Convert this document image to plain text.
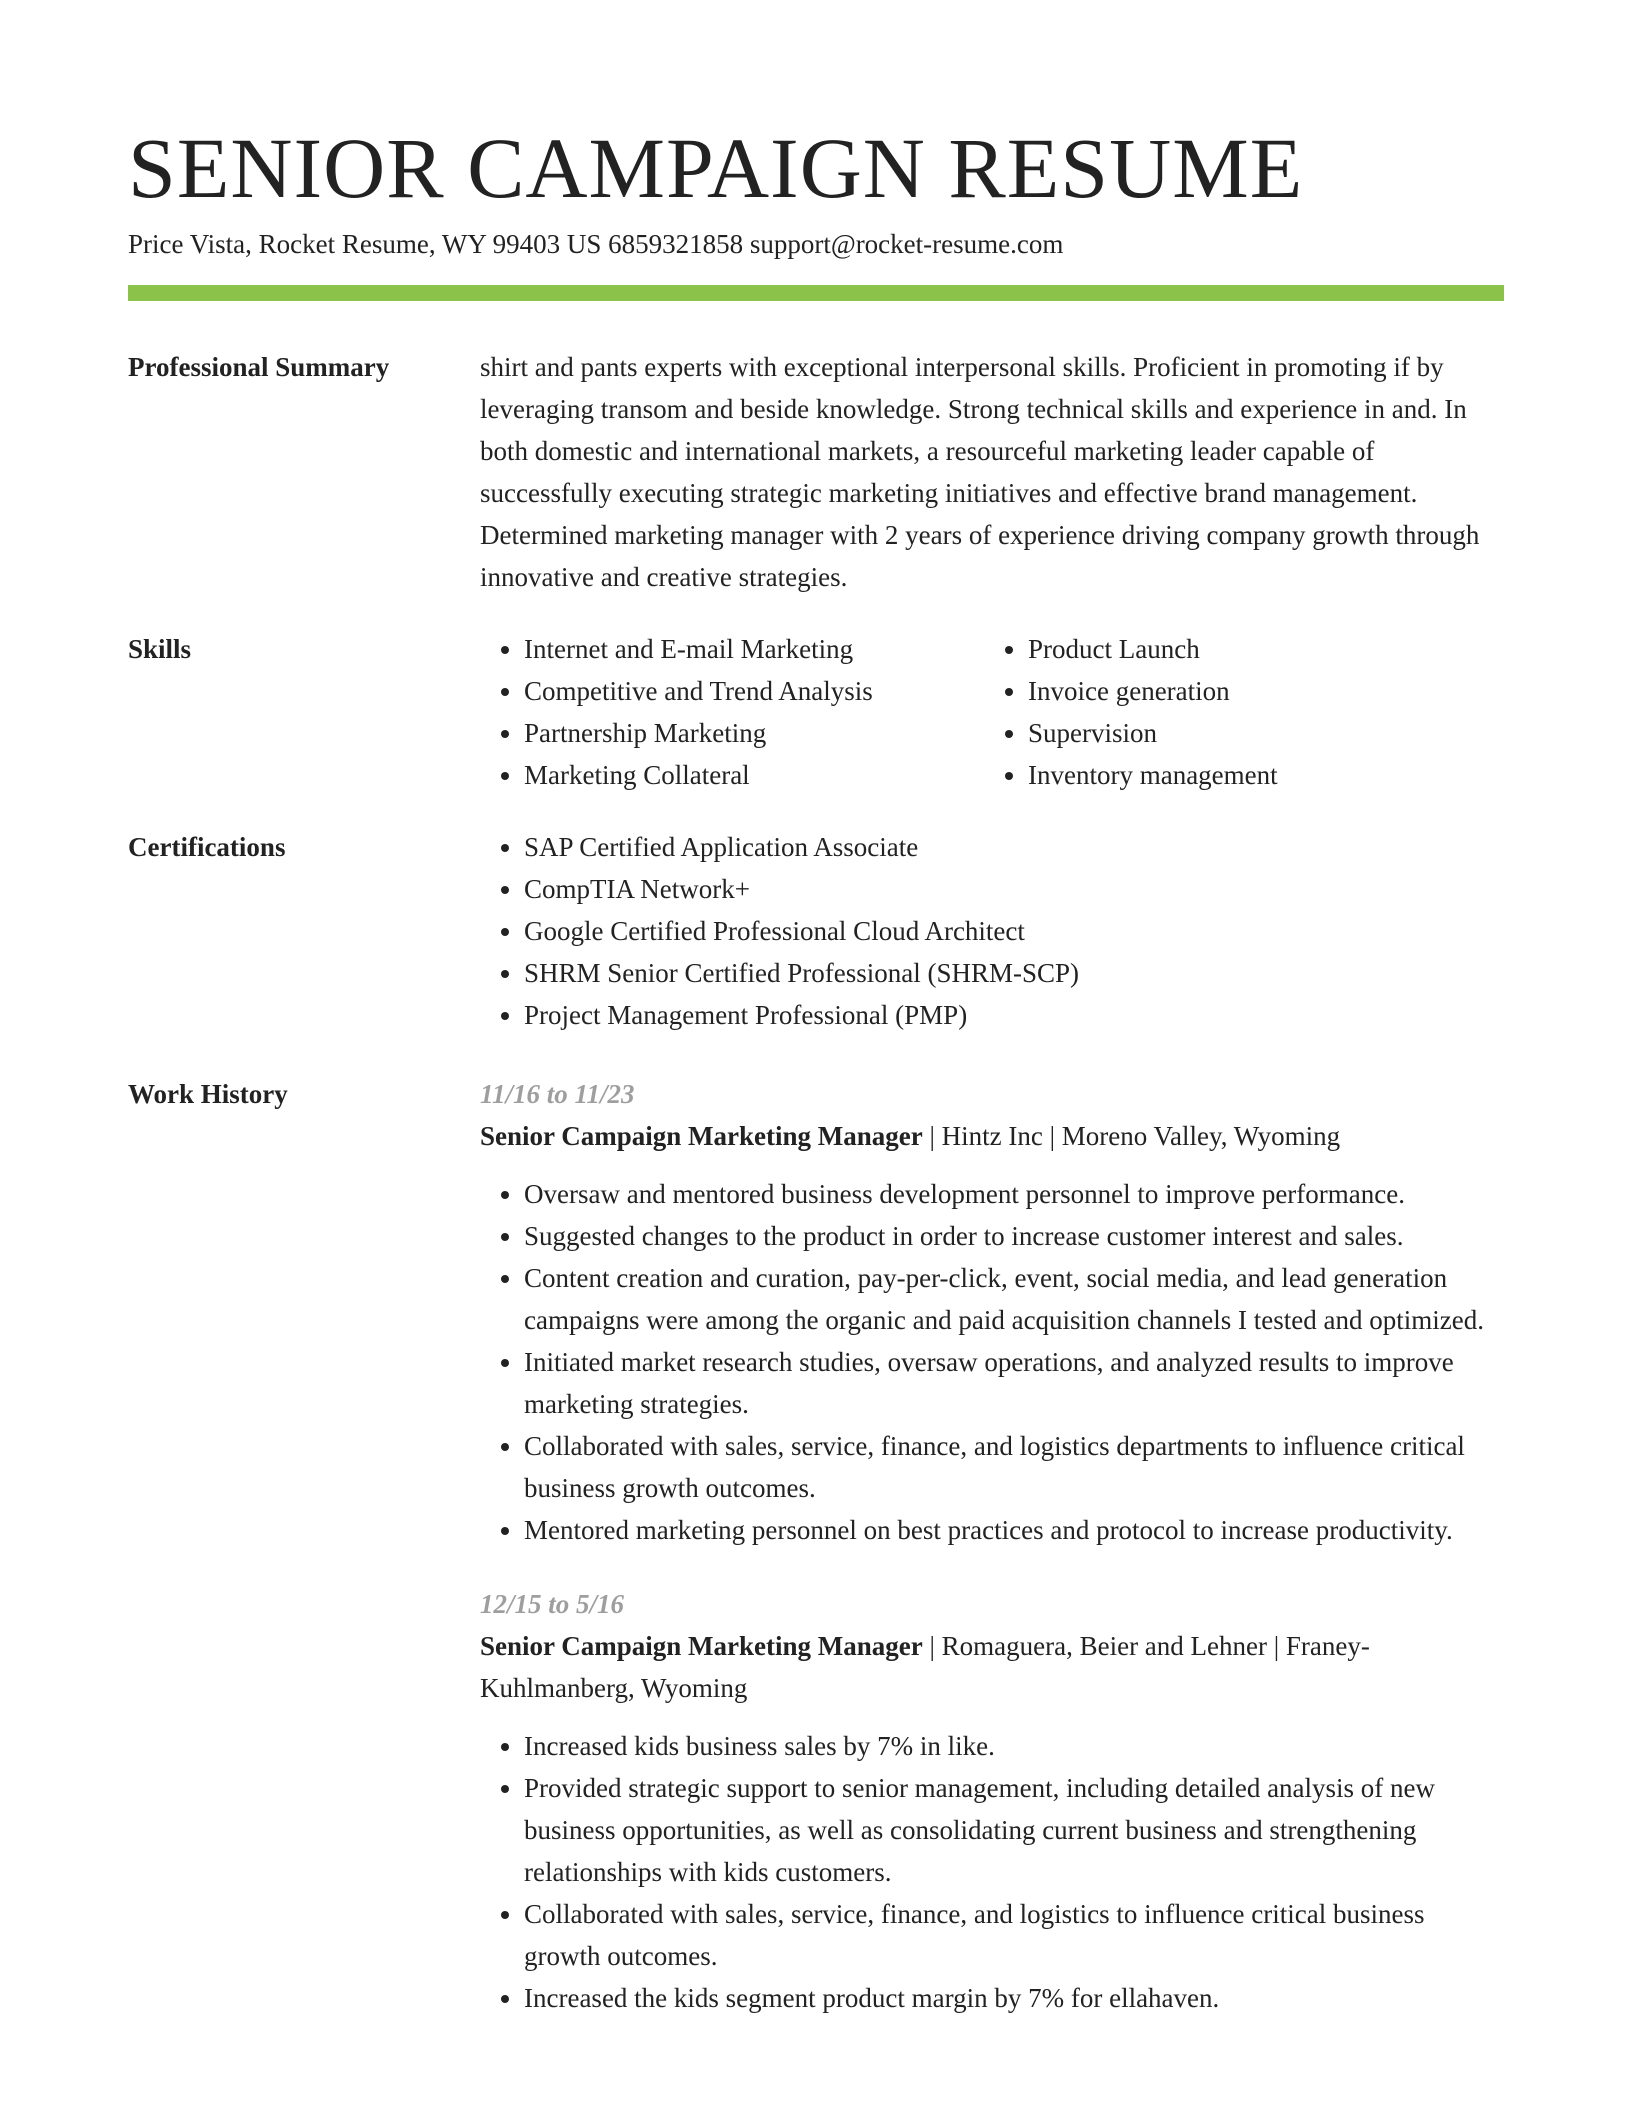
SENIOR CAMPAIGN RESUME
Price Vista, Rocket Resume, WY 99403 US 6859321858 support@rocket-resume.com
Professional Summary	shirt and pants experts with exceptional interpersonal skills. Proficient in promoting if by leveraging transom and beside knowledge. Strong technical skills and experience in and. In both domestic and international markets, a resourceful marketing leader capable of successfully executing strategic marketing initiatives and effective brand management. Determined marketing manager with 2 years of experience driving company growth through innovative and creative strategies.

Skills	• Internet and E-mail Marketing
• Competitive and Trend Analysis
• Partnership Marketing
• Marketing Collateral
• Product Launch
• Invoice generation
• Supervision
• Inventory management
Certifications	• SAP Certified Application Associate
• CompTIA Network+
• Google Certified Professional Cloud Architect
• SHRM Senior Certified Professional (SHRM-SCP)
• Project Management Professional (PMP)
Work History	11/16 to 11/23
Senior Campaign Marketing Manager | Hintz Inc | Moreno Valley, Wyoming
• Oversaw and mentored business development personnel to improve performance.
• Suggested changes to the product in order to increase customer interest and sales.
• Content creation and curation, pay-per-click, event, social media, and lead generation campaigns were among the organic and paid acquisition channels I tested and optimized.
• Initiated market research studies, oversaw operations, and analyzed results to improve marketing strategies.
• Collaborated with sales, service, finance, and logistics departments to influence critical business growth outcomes.
• Mentored marketing personnel on best practices and protocol to increase productivity.
12/15 to 5/16
Senior Campaign Marketing Manager | Romaguera, Beier and Lehner | Franey-Kuhlmanberg, Wyoming
• Increased kids business sales by 7% in like.
• Provided strategic support to senior management, including detailed analysis of new business opportunities, as well as consolidating current business and strengthening relationships with kids customers.
• Collaborated with sales, service, finance, and logistics to influence critical business growth outcomes.
• Increased the kids segment product margin by 7% for ellahaven.
